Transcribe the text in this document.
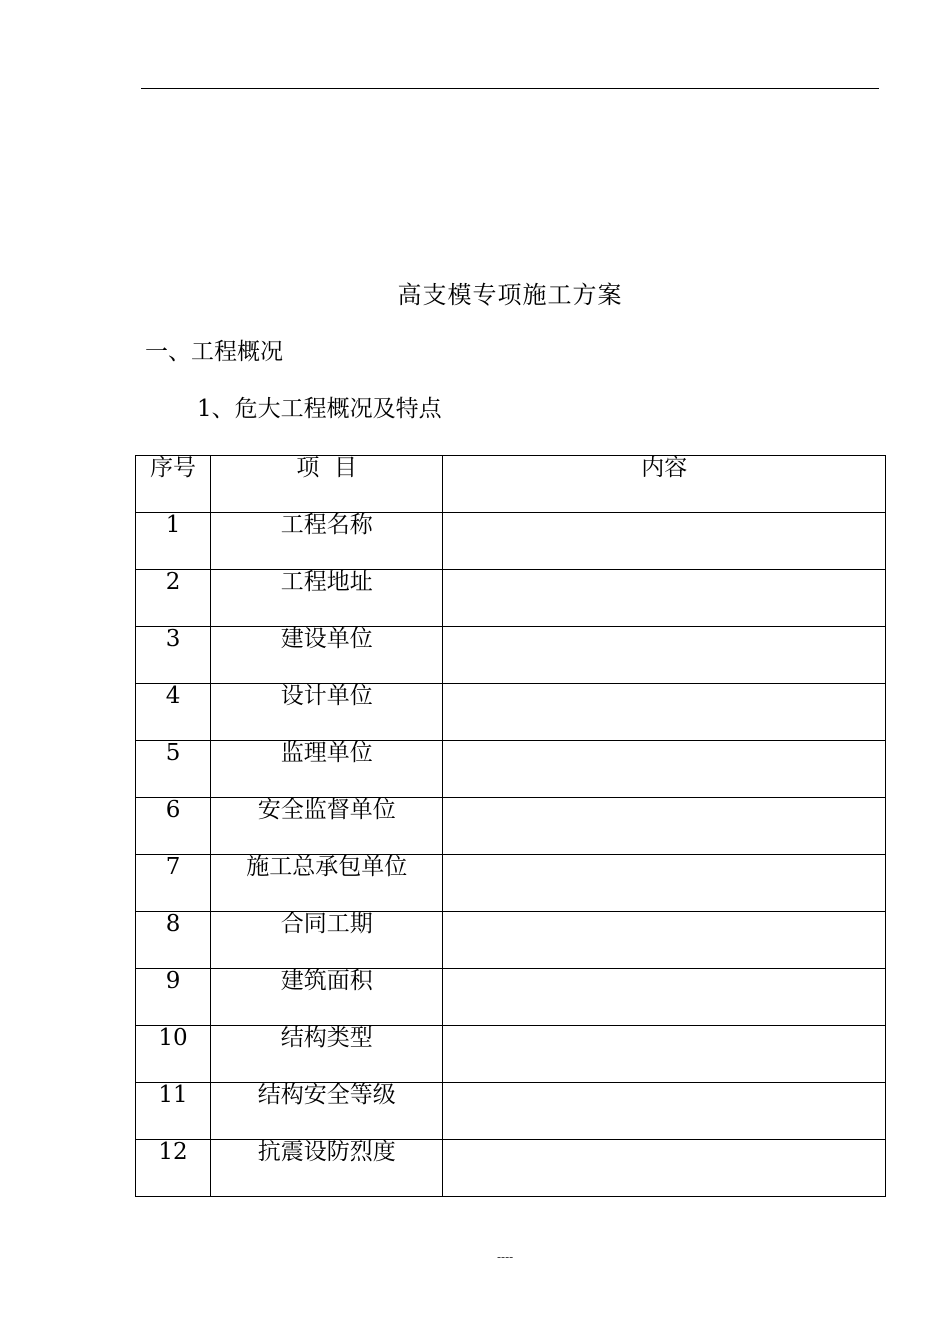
高支模专项施工方案
一、工程概况
1、危大工程概况及特点
序号	项  目	内容
1	工程名称	
2	工程地址	
3	建设单位	
4	设计单位	
5	监理单位	
6	安全监督单位	
7	施工总承包单位	
8	合同工期	
9	建筑面积	
10	结构类型	
11	结构安全等级	
12	抗震设防烈度	
----
